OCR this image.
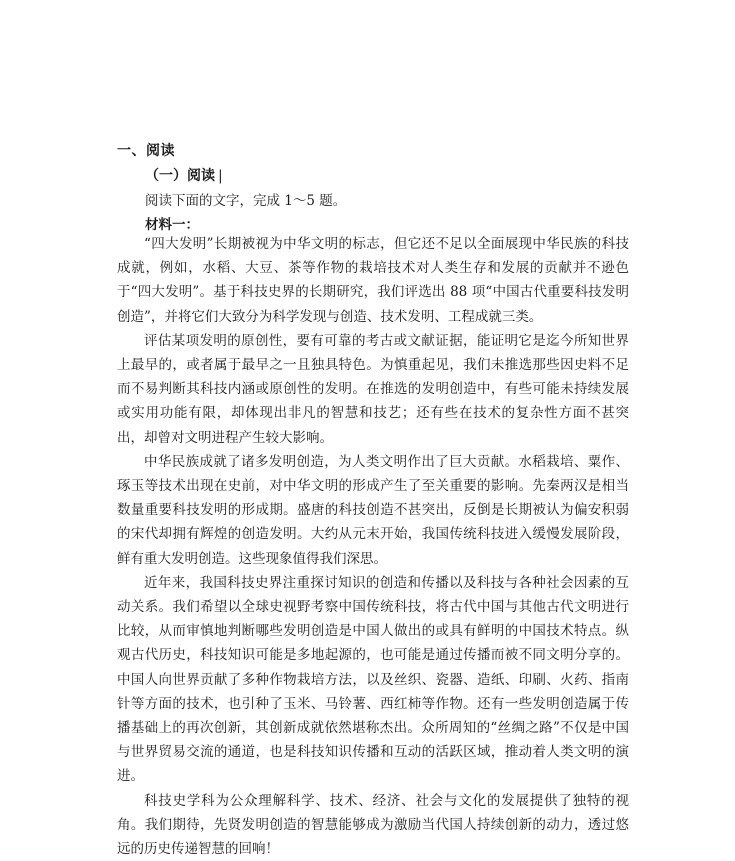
一、阅读
（一）阅读 |
阅读下面的文字，完成 1～5 题。
材料一：

“四大发明”长期被视为中华文明的标志，但它还不足以全面展现中华民族的科技成就，例如，水稻、大豆、茶等作物的栽培技术对人类生存和发展的贡献并不逊色于“四大发明”。基于科技史界的长期研究，我们评选出 88 项“中国古代重要科技发明创造”，并将它们大致分为科学发现与创造、技术发明、工程成就三类。

评估某项发明的原创性，要有可靠的考古或文献证据，能证明它是迄今所知世界上最早的，或者属于最早之一且独具特色。为慎重起见，我们未推选那些因史料不足而不易判断其科技内涵或原创性的发明。在推选的发明创造中，有些可能未持续发展或实用功能有限，却体现出非凡的智慧和技艺；还有些在技术的复杂性方面不甚突出，却曾对文明进程产生较大影响。

中华民族成就了诸多发明创造，为人类文明作出了巨大贡献。水稻栽培、粟作、琢玉等技术出现在史前，对中华文明的形成产生了至关重要的影响。先秦两汉是相当数量重要科技发明的形成期。盛唐的科技创造不甚突出，反倒是长期被认为偏安积弱的宋代却拥有辉煌的创造发明。大约从元末开始，我国传统科技进入缓慢发展阶段，鲜有重大发明创造。这些现象值得我们深思。

近年来，我国科技史界注重探讨知识的创造和传播以及科技与各种社会因素的互动关系。我们希望以全球史视野考察中国传统科技，将古代中国与其他古代文明进行比较，从而审慎地判断哪些发明创造是中国人做出的或具有鲜明的中国技术特点。纵观古代历史，科技知识可能是多地起源的，也可能是通过传播而被不同文明分享的。中国人向世界贡献了多种作物栽培方法，以及丝织、瓷器、造纸、印刷、火药、指南针等方面的技术，也引种了玉米、马铃薯、西红柿等作物。还有一些发明创造属于传播基础上的再次创新，其创新成就依然堪称杰出。众所周知的“丝绸之路”不仅是中国与世界贸易交流的通道，也是科技知识传播和互动的活跃区域，推动着人类文明的演进。

科技史学科为公众理解科学、技术、经济、社会与文化的发展提供了独特的视角。我们期待，先贤发明创造的智慧能够成为激励当代国人持续创新的动力，透过悠远的历史传递智慧的回响！
